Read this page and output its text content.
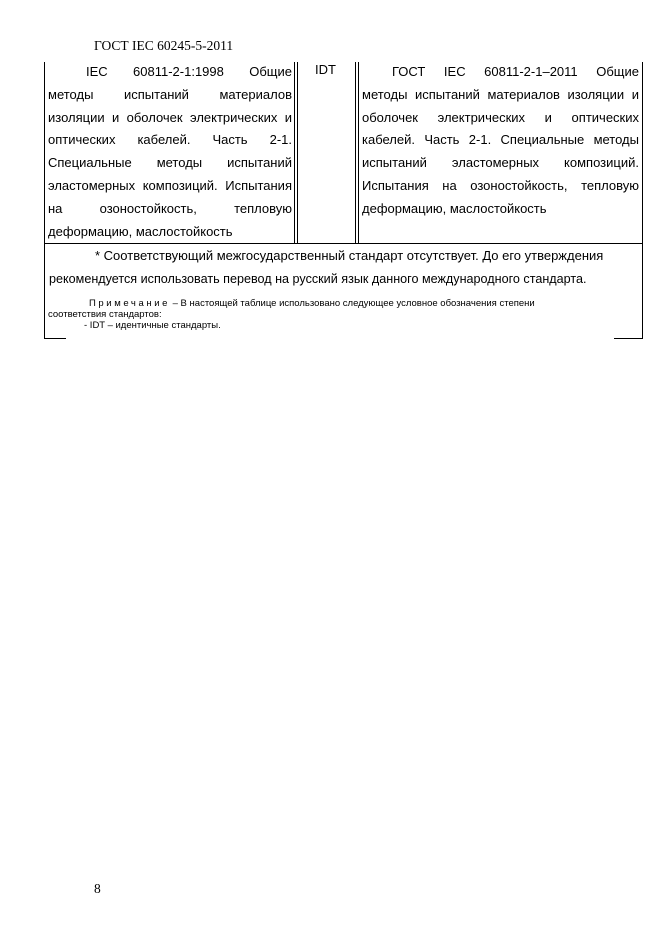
ГОСТ IEC 60245-5-2011
IEC 60811-2-1:1998 Общие
методы испытаний материалов
изоляции и оболочек электрических и
оптических кабелей. Часть 2-1.
Специальные методы испытаний
эластомерных композиций. Испытания
на озоностойкость, тепловую
деформацию, маслостойкость
IDT	ГОСТ IEC 60811-2-1–2011 Общие
методы испытаний материалов изоляции и
оболочек электрических и оптических
кабелей. Часть 2-1. Специальные методы
испытаний эластомерных композиций.
Испытания на озоностойкость, тепловую
деформацию, маслостойкость
* Соответствующий межгосударственный стандарт отсутствует. До его утверждения
рекомендуется использовать перевод на русский язык данного международного стандарта.
Примечание – В настоящей таблице использовано следующее условное обозначения степени
соответствия стандартов:
- IDT – идентичные стандарты.
8
